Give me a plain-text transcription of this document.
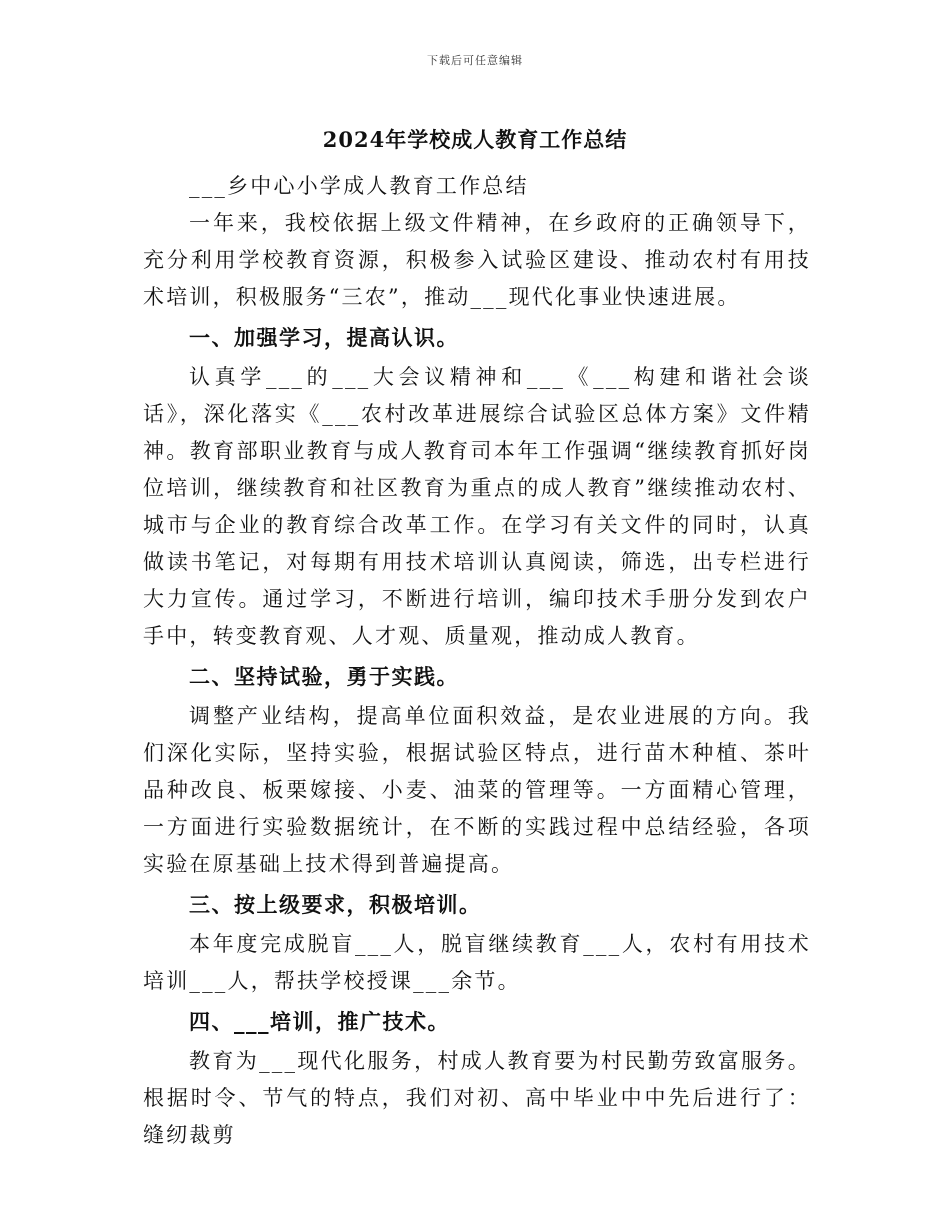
下载后可任意编辑
2024年学校成人教育工作总结

___乡中心小学成人教育工作总结

一年来，我校依据上级文件精神，在乡政府的正确领导下，充分利用学校教育资源，积极参入试验区建设、推动农村有用技术培训，积极服务“三农”，推动___现代化事业快速进展。

一、加强学习，提高认识。

认真学___的___大会议精神和___《___构建和谐社会谈话》，深化落实《___农村改革进展综合试验区总体方案》文件精神。教育部职业教育与成人教育司本年工作强调“继续教育抓好岗位培训，继续教育和社区教育为重点的成人教育”继续推动农村、城市与企业的教育综合改革工作。在学习有关文件的同时，认真做读书笔记，对每期有用技术培训认真阅读，筛选，出专栏进行大力宣传。通过学习，不断进行培训，编印技术手册分发到农户手中，转变教育观、人才观、质量观，推动成人教育。

二、坚持试验，勇于实践。

调整产业结构，提高单位面积效益，是农业进展的方向。我们深化实际，坚持实验，根据试验区特点，进行苗木种植、茶叶品种改良、板栗嫁接、小麦、油菜的管理等。一方面精心管理，一方面进行实验数据统计，在不断的实践过程中总结经验，各项实验在原基础上技术得到普遍提高。

三、按上级要求，积极培训。

本年度完成脱盲___人，脱盲继续教育___人，农村有用技术培训___人，帮扶学校授课___余节。

四、___培训，推广技术。

教育为___现代化服务，村成人教育要为村民勤劳致富服务。根据时令、节气的特点，我们对初、高中毕业中中先后进行了：缝纫裁剪
